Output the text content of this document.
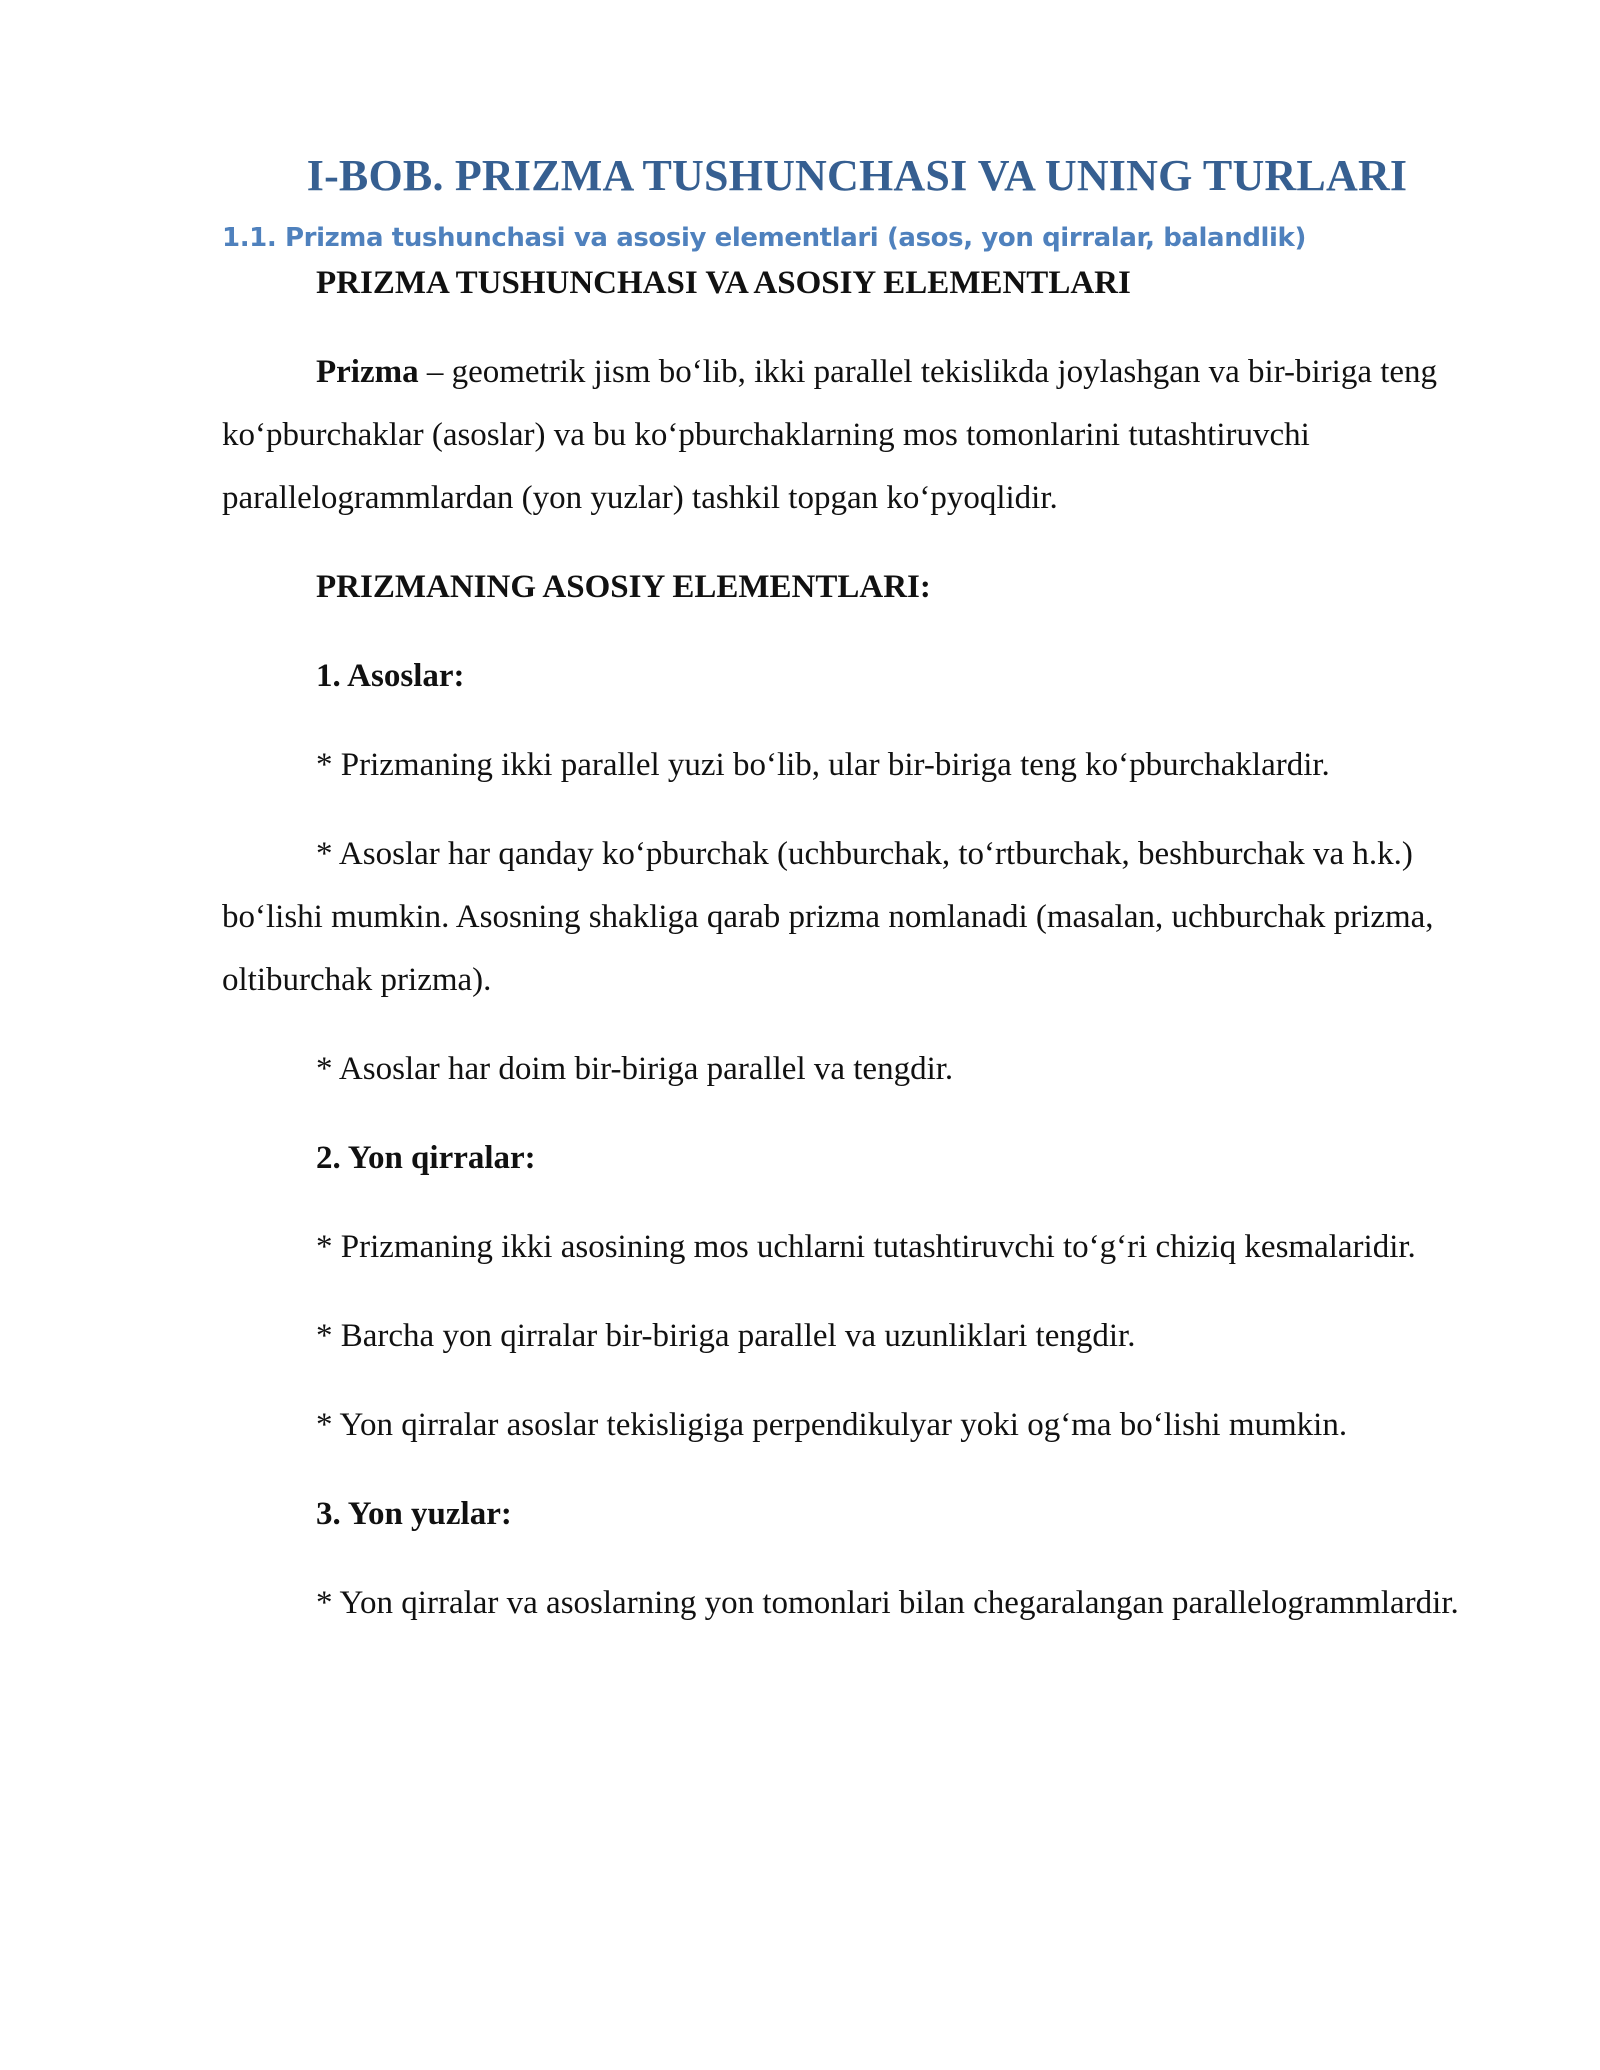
I-BOB. PRIZMA TUSHUNCHASI VA UNING TURLARI
1.1. Prizma tushunchasi va asosiy elementlari (asos, yon qirralar, balandlik)

PRIZMA TUSHUNCHASI VA ASOSIY ELEMENTLARI

Prizma – geometrik jism bo‘lib, ikki parallel tekislikda joylashgan va bir-biriga teng ko‘pburchaklar (asoslar) va bu ko‘pburchaklarning mos tomonlarini tutashtiruvchi parallelogrammlardan (yon yuzlar) tashkil topgan ko‘pyoqlidir.

PRIZMANING ASOSIY ELEMENTLARI:

1. Asoslar:

* Prizmaning ikki parallel yuzi bo‘lib, ular bir-biriga teng ko‘pburchaklardir.

* Asoslar har qanday ko‘pburchak (uchburchak, to‘rtburchak, beshburchak va h.k.) bo‘lishi mumkin. Asosning shakliga qarab prizma nomlanadi (masalan, uchburchak prizma, oltiburchak prizma).

* Asoslar har doim bir-biriga parallel va tengdir.

2. Yon qirralar:

* Prizmaning ikki asosining mos uchlarni tutashtiruvchi to‘g‘ri chiziq kesmalaridir.

* Barcha yon qirralar bir-biriga parallel va uzunliklari tengdir.

* Yon qirralar asoslar tekisligiga perpendikulyar yoki og‘ma bo‘lishi mumkin.

3. Yon yuzlar:

* Yon qirralar va asoslarning yon tomonlari bilan chegaralangan parallelogrammlardir.
